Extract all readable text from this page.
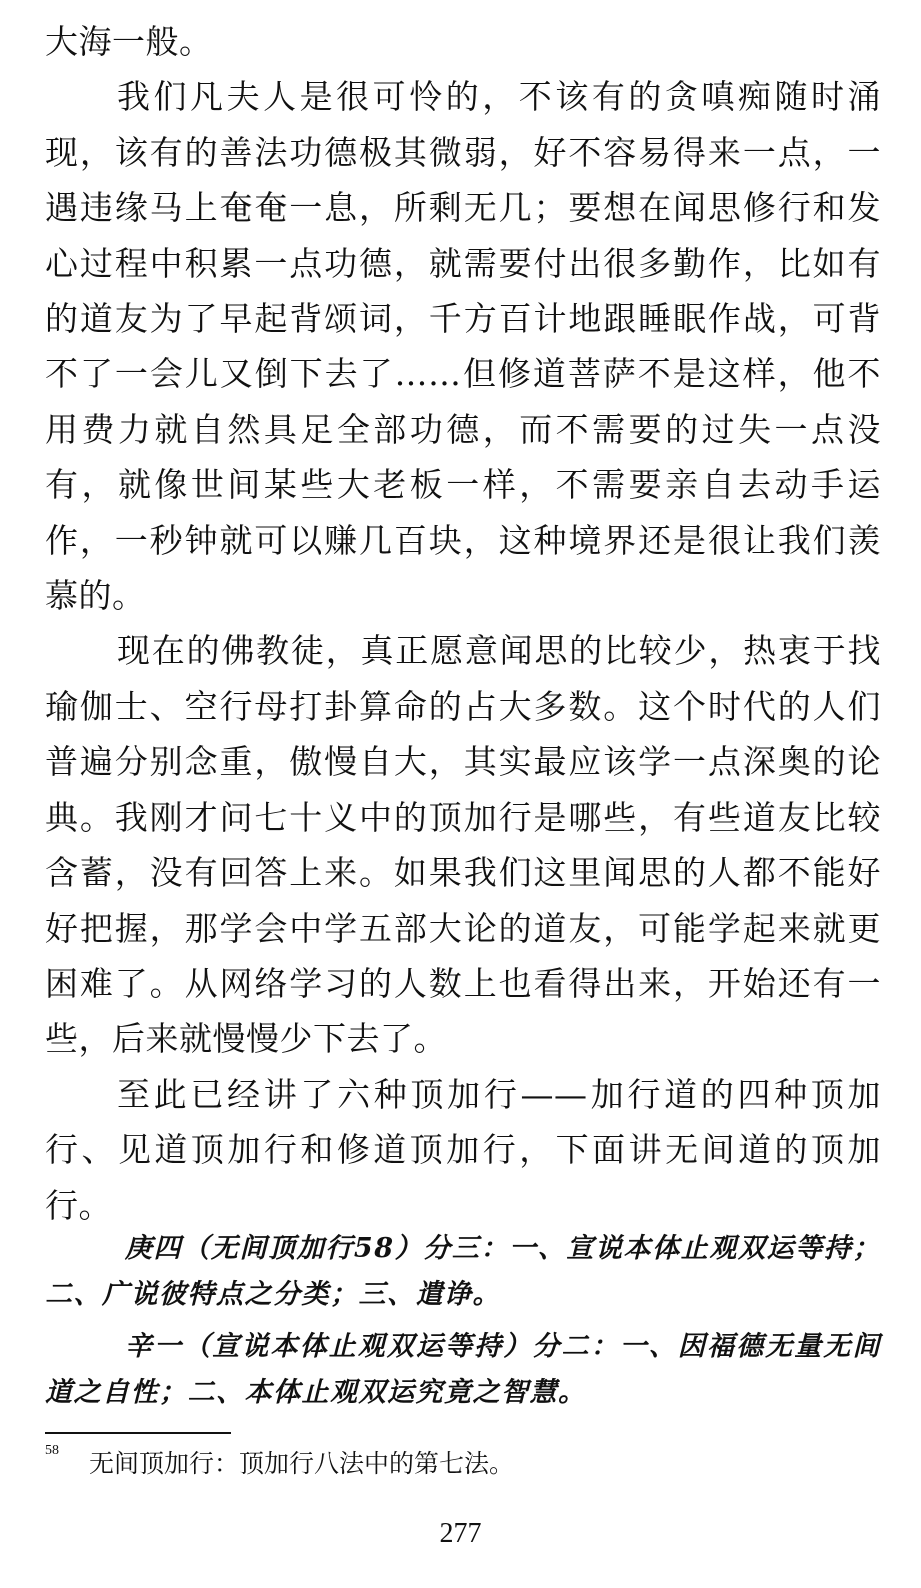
大海一般。

我们凡夫人是很可怜的，不该有的贪嗔痴随时涌现，该有的善法功德极其微弱，好不容易得来一点，一遇违缘马上奄奄一息，所剩无几；要想在闻思修行和发心过程中积累一点功德，就需要付出很多勤作，比如有的道友为了早起背颂词，千方百计地跟睡眠作战，可背不了一会儿又倒下去了……但修道菩萨不是这样，他不用费力就自然具足全部功德，而不需要的过失一点没有，就像世间某些大老板一样，不需要亲自去动手运作，一秒钟就可以赚几百块，这种境界还是很让我们羡慕的。

现在的佛教徒，真正愿意闻思的比较少，热衷于找瑜伽士、空行母打卦算命的占大多数。这个时代的人们普遍分别念重，傲慢自大，其实最应该学一点深奥的论典。我刚才问七十义中的顶加行是哪些，有些道友比较含蓄，没有回答上来。如果我们这里闻思的人都不能好好把握，那学会中学五部大论的道友，可能学起来就更困难了。从网络学习的人数上也看得出来，开始还有一些，后来就慢慢少下去了。

至此已经讲了六种顶加行——加行道的四种顶加行、见道顶加行和修道顶加行，下面讲无间道的顶加行。

庚四（无间顶加行58）分三：一、宣说本体止观双运等持；二、广说彼特点之分类；三、遣诤。

辛一（宣说本体止观双运等持）分二：一、因福德无量无间道之自性；二、本体止观双运究竟之智慧。

58 无间顶加行：顶加行八法中的第七法。
277
